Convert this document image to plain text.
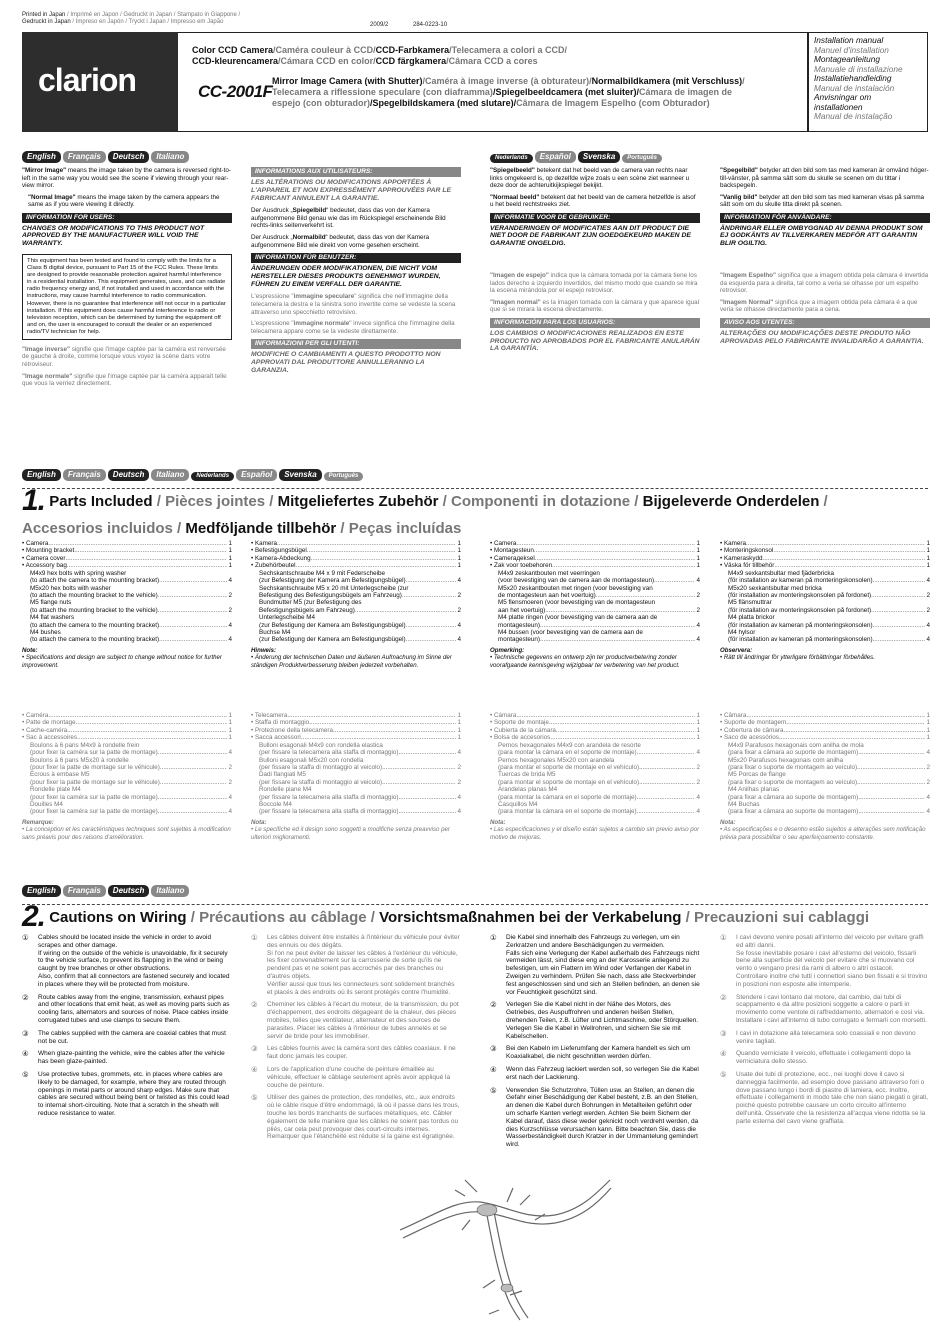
Printed in Japan / Imprimé en Japon / Gedruckt in Japan / Stampato in Giappone /
Gedruckt in Japan / Impreso en Japón / Tryckt i Japan / Impresso em Japão	2009/2	284-0223-10
clarion	CC-2001F
Color CCD Camera/Caméra couleur à CCD/CCD-Farbkamera/Telecamera a colori a CCD/
CCD-kleurencamera/Cámara CCD en color/CCD färgkamera/Câmara CCD a cores
Mirror Image Camera (with Shutter)/Caméra à image inverse (à obturateur)/Normalbildkamera (mit Verschluss)/
Telecamera a riflessione speculare (con diaframma)/Spiegelbeeldcamera (met sluiter)/Cámara de imagen de
espejo (con obturador)/Spegelbildskamera (med slutare)/Câmara de Imagem Espelho (com Obturador)
Installation manual
Manuel d'installation
Montageanleitung
Manuale di installazione
Installatiehandleiding
Manual de instalación
Anvisningar om
installationen
Manual de instalação
English Français Deutsch Italiano	Nederlands Español Svenska Português

"Mirror Image" means the image taken by the camera is reversed right-to-left in the same way you would see the scene if viewing through your rear-view mirror.

"Normal Image" means the image taken by the camera appears the same as if you were viewing it directly.

INFORMATION FOR USERS:
CHANGES OR MODIFICATIONS TO THIS PRODUCT NOT APPROVED BY THE MANUFACTURER WILL VOID THE WARRANTY.
This equipment has been tested and found to comply with the limits for a Class B digital device, pursuant to Part 15 of the FCC Rules. These limits are designed to provide reasonable protection against harmful interference in a residential installation. This equipment generates, uses, and can radiate radio frequency energy and, if not installed and used in accordance with the instructions, may cause harmful interference to radio communication. However, there is no guarantee that interference will not occur in a particular installation. If this equipment does cause harmful interference to radio or television reception, which can be determined by turning the equipment off and on, the user is encouraged to consult the dealer or an experienced radio/TV technician for help.

"Image inverse" signifie que l'image captée par la caméra est renversée de gauche à droite, comme lorsque vous voyez la scène dans votre rétroviseur.

"Image normale" signifie que l'image captée par la caméra apparaît telle que vous la verriez directement.

INFORMATIONS AUX UTILISATEURS:
LES ALTÉRATIONS OU MODIFICATIONS APPORTÉES À L'APPAREIL ET NON EXPRESSÉMENT APPROUVÉES PAR LE FABRICANT ANNULENT LA GARANTIE.

Der Ausdruck „Spiegelbild“ bedeutet, dass das von der Kamera aufgenommene Bild genau wie das im Rückspiegel erscheinende Bild rechts-links seitenverkehrt ist.

Der Ausdruck „Normalbild“ bedeutet, dass das von der Kamera aufgenommene Bild wie direkt von vorne gesehen erscheint.

INFORMATION FÜR BENUTZER:
ÄNDERUNGEN ODER MODIFIKATIONEN, DIE NICHT VOM HERSTELLER DIESES PRODUKTS GENEHMIGT WURDEN, FÜHREN ZU EINEM VERFALL DER GARANTIE.

L'espressione "immagine speculare" significa che nell'immagine della telecamera la destra e la sinistra sono invertite come se vedeste la scena attraverso uno specchietto retrovisivo.

L'espressione "immagine normale" invece significa che l'immagine della telecamera appare come se la vedeste direttamente.

INFORMAZIONI PER GLI UTENTI:
MODIFICHE O CAMBIAMENTI A QUESTO PRODOTTO NON APPROVATI DAL PRODUTTORE ANNULLERANNO LA GARANZIA.

"Spiegelbeeld" betekent dat het beeld van de camera van rechts naar links omgekeerd is, op dezelfde wijze zoals u een scène ziet wanneer u deze door de achteruitkijkspiegel bekijkt.

"Normaal beeld" betekent dat het beeld van de camera hetzelfde is alsof u het beeld rechtstreeks ziet.

INFORMATIE VOOR DE GEBRUIKER:
VERANDERINGEN OF MODIFICATIES AAN DIT PRODUCT DIE NIET DOOR DE FABRIKANT ZIJN GOEDGEKEURD MAKEN DE GARANTIE ONGELDIG.

"Imagen de espejo" indica que la cámara tomada por la cámara tiene los lados derecho a izquierdo invertidos, del mismo modo que cuando se mira la escena mirándola por el espejo retrovisor.

"Imagen normal" es la imagen tomada con la cámara y que aparece igual que si se mirara la escena directamente.

INFORMACIÓN PARA LOS USUARIOS:
LOS CAMBIOS O MODIFICACIONES REALIZADOS EN ESTE PRODUCTO NO APROBADOS POR EL FABRICANTE ANULARÁN LA GARANTÍA.

"Spegelbild" betyder att den bild som tas med kameran är omvänd höger-till-vänster, på samma sätt som du skulle se scenen om du tittar i backspegeln.

"Vanlig bild" betyder att den bild som tas med kameran visas på samma sätt som om du skulle titta direkt på scenen.

INFORMATION FÖR ANVÄNDARE:
ÄNDRINGAR ELLER OMBYGGNAD AV DENNA PRODUKT SOM EJ GODKÄNTS AV TILLVERKAREN MEDFÖR ATT GARANTIN BLIR OGILTIG.

"Imagem Espelho" significa que a imagem obtida pela câmara é invertida da esquerda para a direita, tal como a veria se olhasse por um espelho retrovisor.

"Imagem Normal" significa que a imagem obtida pela câmara é a que veria se olhasse directamente para a cena.

AVISO AOS UTENTES:
ALTERAÇÕES OU MODIFICAÇÕES DESTE PRODUTO NÃO APROVADAS PELO FABRICANTE INVALIDARÃO A GARANTIA.
English Français Deutsch Italiano Nederlands Español Svenska Português
1. Parts Included / Pièces jointes / Mitgeliefertes Zubehör / Componenti in dotazione / Bijgeleverde Onderdelen /
Accesorios incluidos / Medföljande tillbehör / Peças incluídas
• Camera .....	1
• Mounting bracket .....	1
• Camera cover .....	1
• Accessory bag .....	1
M4x9 hex bolts with spring washer
(to attach the camera to the mounting bracket) .....	4
M5x20 hex bolts with washer
(to attach the mounting bracket to the vehicle) .....	2
M5 flange nuts
(to attach the mounting bracket to the vehicle) .....	2
M4 flat washers
(to attach the camera to the mounting bracket) .....	4
M4 bushes
(to attach the camera to the mounting bracket) .....	4
Note:
• Specifications and design are subject to change without notice for further improvement.
• Kamera .....	1
• Befestigungsbügel .....	1
• Kamera-Abdeckung .....	1
• Zubehörbeutel .....	1
Sechskantschraube M4 x 9 mit Federscheibe
(zur Befestigung der Kamera am Befestigungsbügel) .....	4
Sechskantschraube M5 x 20 mit Unterlegscheibe (zur
Befestigung des Befestigungsbügels am Fahrzeug) .....	2
Bundmutter M5 (zur Befestigung des
Befestigungsbügels am Fahrzeug) .....	2
Unterlegscheibe M4
(zur Befestigung der Kamera am Befestigungsbügel) .....	4
Buchse M4
(zur Befestigung der Kamera am Befestigungsbügel) .....	4
Hinweis:
• Änderung der technischen Daten und äußeren Aufmachung im Sinne der ständigen Produktverbesserung bleiben jederzeit vorbehalten.
• Camera .....	1
• Montagesteun .....	1
• Camerадeksel .....	1
• Zak voor toebehoren .....	1
M4x9 zeskantbouten met veerringen
(voor bevestiging van de camera aan de montagesteun) .....	4
M5x20 zeskantbouten met ringen (voor bevestiging van
de montagesteun aan het voertuig) .....	2
M5 flensmoeren (voor bevestiging van de montagesteun
aan het voertuig) .....	2
M4 platte ringen (voor bevestiging van de camera aan de
montagesteun) .....	4
M4 bussen (voor bevestiging van de camera aan de
montagesteun) .....	4
Opmerking:
• Technische gegevens en ontwerp zijn ter productverbetering zonder voorafgaande kennisgeving wijzigbaar ter verbetering van het product.
• Kamera .....	1
• Monteringskonsol .....	1
• Kameraskydd .....	1
• Väska för tillbehör .....	1
M4x9 sexkantsbultar med fjäderbricka
(för installation av kameran på monteringskonsolen) .....	4
M5x20 sexkantsbultar med bricka
(för installation av monteringskonsolen på fordonet) .....	2
M5 flänsmuttrar
(för installation av monteringskonsolen på fordonet) .....	2
M4 platta brickor
(för installation av kameran på monteringskonsolen) .....	4
M4 hylsor
(för installation av kameran på monteringskonsolen) .....	4
Observera:
• Rätt till ändringar för ytterligare förbättringar förbehålles.
• Caméra .....	1
• Patte de montage .....	1
• Cache-caméra .....	1
• Sac à accessoires .....	1
Boulons à 6 pans M4x9 à rondelle frein
(pour fixer la caméra sur la patte de montage) .....	4
Boulons à 6 pans M5x20 à rondelle
(pour fixer la patte de montage sur le véhicule) .....	2
Ecrous à embase M5
(pour fixer la patte de montage sur le véhicule) .....	2
Rondelle plate M4
(pour fixer la caméra sur la patte de montage) .....	4
Douilles M4
(pour fixer la caméra sur la patte de montage) .....	4
Remarque:
• La conception et les caractéristiques techniques sont sujettes à modification sans préavis pour des raisons d'amélioration.
• Telecamera .....	1
• Staffa di montaggio .....	1
• Protezione della telecamera .....	1
• Sacca accessori .....	1
Bulloni esagonali M4x9 con rondella elastica
(per fissare la telecamera alla staffa di montaggio) .....	4
Bulloni esagonali M5x20 con rondella
(per fissare la staffa di montaggio al veicolo) .....	2
Dadi flangiati M5
(per fissare la staffa di montaggio al veicolo) .....	2
Rondelle piane M4
(per fissare la telecamera alla staffa di montaggio) .....	4
Boccole M4
(per fissare la telecamera alla staffa di montaggio) .....	4
Nota:
• Le specifiche ed il design sono soggetti a modifiche senza preavviso per ulteriori miglioramenti.
• Cámara .....	1
• Soporte de montaje .....	1
• Cubierta de la cámara .....	1
• Bolsa de accesorios .....	1
Pernos hexagonales M4x9 con arandela de resorte
(para montar la cámara en el soporte de montaje) .....	4
Pernos hexagonales M5x20 con arandela
(para montar el soporte de montaje en el vehículo) .....	2
Tuercas de brida M5
(para montar el soporte de montaje en el vehículo) .....	2
Arandelas planas M4
(para montar la cámara en el soporte de montaje) .....	4
Casquillos M4
(para montar la cámara en el soporte de montaje) .....	4
Nota:
• Las especificaciones y el diseño están sujetos a cambio sin previo aviso por motivo de mejoras.
• Câmara .....	1
• Suporte de montagem .....	1
• Cobertura de câmara .....	1
• Saco de acessórios .....	1
M4x9 Parafusos hexagonais com anilha de mola
(para fixar a câmara ao suporte de montagem) .....	4
M5x20 Parafusos hexagonais com anilha
(para fixar o suporte de montagem ao veículo) .....	2
M5 Porcas de flange
(para fixar o suporte de montagem ao veículo) .....	2
M4 Anilhas planas
(para fixar a câmara ao suporte de montagem) .....	4
M4 Buchas
(para fixar a câmara ao suporte de montagem) .....	4
Nota:
• As especificações e o desenho estão sujeitos a alterações sem notificação prévia para possibilitar o seu aperfeiçoamento constante.
English Français Deutsch Italiano
2. Cautions on Wiring / Précautions au câblage / Vorsichtsmaßnahmen bei der Verkabelung / Precauzioni sui cablaggi
① Cables should be located inside the vehicle in order to avoid scrapes and other damage.
If wiring on the outside of the vehicle is unavoidable, fix it securely to the vehicle surface, to prevent its flapping in the wind or being caught by tree branches or other obstructions.
Also, confirm that all connectors are fastened securely and located in places where they will be protected from moisture.
② Route cables away from the engine, transmission, exhaust pipes and other locations that emit heat, as well as moving parts such as cooling fans, alternators and sources of noise. Place cables inside corrugated tubes and use clamps to secure them.
③ The cables supplied with the camera are coaxial cables that must not be cut.
④ When glaze-painting the vehicle, wire the cables after the vehicle has been glaze-painted.
⑤ Use protective tubes, grommets, etc. in places where cables are likely to be damaged, for example, where they are routed through openings in metal parts or around sharp edges. Make sure that cables are secured without being bent or twisted as this could lead to internal short-circuiting. Note that a scratch in the sheath will reduce resistance to water.
① Les câbles doivent être installés à l'intérieur du véhicule pour éviter des ennuis ou des dégâts.
Si l'on ne peut éviter de laisser les câbles à l'extérieur du véhicule, les fixer convenablement sur la carrosserie de sorte qu'ils ne pendent pas et ne soient pas accrochés par des branches ou d'autres objets.
Vérifier aussi que tous les connecteurs sont solidement branchés et placés à des endroits où ils seront protégés contre l'humidité.
② Cheminer les câbles à l'écart du moteur, de la transmission, du pot d'échappement, des endroits dégageant de la chaleur, des pièces mobiles, telles que ventilateur, alternateur et des sources de parasites. Placer les câbles à l'intérieur de tubes annelés et se servir de bride pour les immobiliser.
③ Les câbles fournis avec la caméra sont des câbles coaxiaux. Il ne faut donc jamais les couper.
④ Lors de l'application d'une couche de peinture émaillée au véhicule, effectuer le câblage seulement après avoir appliqué la couche de peinture.
⑤ Utiliser des gaines de protection, des rondelles, etc., aux endroits où le câble risque d'être endommagé, là où il passe dans les trous, touche les bords tranchants de surfaces métalliques, etc. Câbler également de telle manière que les câbles ne soient pas tordus ou pliés, car cela peut provoquer des court-circuits internes. Remarquer que l'étanchéité est réduite si la gaine est égratignée.
① Die Kabel sind innerhalb des Fahrzeugs zu verlegen, um ein Zerkratzen und andere Beschädigungen zu vermeiden.
Falls sich eine Verlegung der Kabel außerhalb des Fahrzeugs nicht vermeiden lässt, sind diese eng an der Karosserie anliegend zu befestigen, um ein Flattern im Wind oder Verfangen der Kabel in Zweigen zu verhindern. Prüfen Sie nach, dass alle Steckverbinder fest angeschlossen sind und sich an Stellen befinden, an denen sie vor Feuchtigkeit geschützt sind.
② Verlegen Sie die Kabel nicht in der Nähe des Motors, des Getriebes, des Auspuffrohren und anderen heißen Stellen, drehenden Teilen, z.B. Lüfter und Lichtmaschine, oder Störquellen. Verlegen Sie die Kabel in Wellrohren, und sichern Sie sie mit Kabelschellen.
③ Bei den Kabeln im Lieferumfang der Kamera handelt es sich um Koaxialkabel, die nicht geschnitten werden dürfen.
④ Wenn das Fahrzeug lackiert werden soll, so verlegen Sie die Kabel erst nach der Lackierung.
⑤ Verwenden Sie Schutzrohre, Tüllen usw. an Stellen, an denen die Gefahr einer Beschädigung der Kabel besteht, z.B. an den Stellen, an denen die Kabel durch Bohrungen in Metallteilen geführt oder um scharfe Kanten verlegt werden. Achten Sie beim Sichern der Kabel darauf, dass diese weder geknickt noch verdreht werden, da dies Kurzschlüsse verursachen kann. Bitte beachten Sie, dass die Wasserbeständigkeit durch Kratzer in der Ummantelung gemindert wird.
① I cavi devono venire posati all'interno del veicolo per evitare graffi ed altri danni.
Se fosse inevitabile posare i cavi all'esterno del veicolo, fissarli bene alla superficie del veicolo per evitare che si muovano col vento o vengano presi da rami di albero o altri ostacoli.
Controllare inoltre che tutti i connettori siano ben fissati e si trovino in posizioni non esposte alle intemperie.
② Stendere i cavi lontano dal motore, dal cambio, dai tubi di scappamento e da altre posizioni soggette a calore o parti in movimento come ventole di raffreddamento, alternatori e così via. Installare i cavi all'interno di tubo corrugato e fermarli con morsetti.
③ I cavi in dotazione alla telecamera solo coassiali e non devono venire tagliati.
④ Quando verniciate il veicolo, effettuate i collegamenti dopo la verniciatura dello stesso.
⑤ Usate dei tubi di protezione, ecc., nei luoghi dove il cavo si danneggia facilmente, ad esempio dove passano attraverso fori o dove passano lungo i bordi di piastre di lamiera, ecc. Inoltre, effettuate i collegamenti in modo tale che non siano piegati o girati, poiché questo potrebbe causare un corto circuito all'interno dell'unità. Osservate che la resistenza all'acqua viene ridotta se la parte esterna del cavo viene graffiata.
